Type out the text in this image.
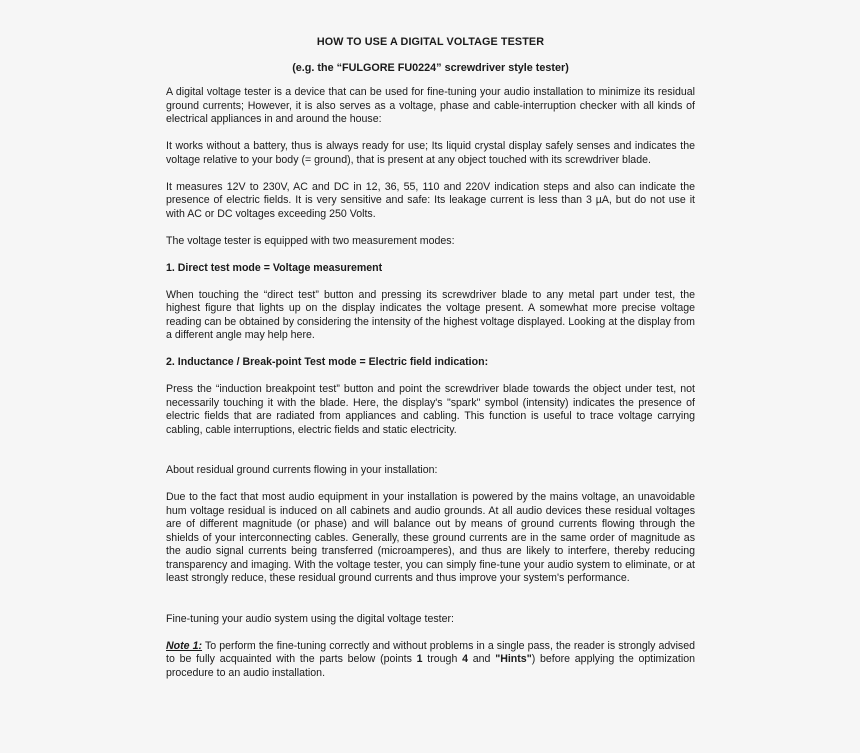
HOW TO USE A DIGITAL VOLTAGE TESTER
(e.g. the “FULGORE FU0224” screwdriver style tester)

A digital voltage tester is a device that can be used for fine-tuning your audio installation to minimize its residual ground currents; However, it is also serves as a voltage, phase and cable-interruption checker with all kinds of electrical appliances in and around the house:

It works without a battery, thus is always ready for use; Its liquid crystal display safely senses and indicates the voltage relative to your body (= ground), that is present at any object touched with its screwdriver blade.

It measures 12V to 230V, AC and DC in 12, 36, 55, 110 and 220V indication steps and also can indicate the presence of electric fields. It is very sensitive and safe: Its leakage current is less than 3 µA, but do not use it with AC or DC voltages exceeding 250 Volts.

The voltage tester is equipped with two measurement modes:

1. Direct test mode = Voltage measurement

When touching the “direct test” button and pressing its screwdriver blade to any metal part under test, the highest figure that lights up on the display indicates the voltage present. A somewhat more precise voltage reading can be obtained by considering the intensity of the highest voltage displayed. Looking at the display from a different angle may help here.

2. Inductance / Break-point Test mode = Electric field indication:

Press the “induction breakpoint test” button and point the screwdriver blade towards the object under test, not necessarily touching it with the blade. Here, the display's "spark" symbol (intensity) indicates the presence of electric fields that are radiated from appliances and cabling. This function is useful to trace voltage carrying cabling, cable interruptions, electric fields and static electricity.

About residual ground currents flowing in your installation:

Due to the fact that most audio equipment in your installation is powered by the mains voltage, an unavoidable hum voltage residual is induced on all cabinets and audio grounds. At all audio devices these residual voltages are of different magnitude (or phase) and will balance out by means of ground currents flowing through the shields of your interconnecting cables. Generally, these ground currents are in the same order of magnitude as the audio signal currents being transferred (microamperes), and thus are likely to interfere, thereby reducing transparency and imaging. With the voltage tester, you can simply fine-tune your audio system to eliminate, or at least strongly reduce, these residual ground currents and thus improve your system's performance.

Fine-tuning your audio system using the digital voltage tester:

Note 1: To perform the fine-tuning correctly and without problems in a single pass, the reader is strongly advised to be fully acquainted with the parts below (points 1 trough 4 and "Hints") before applying the optimization procedure to an audio installation.
